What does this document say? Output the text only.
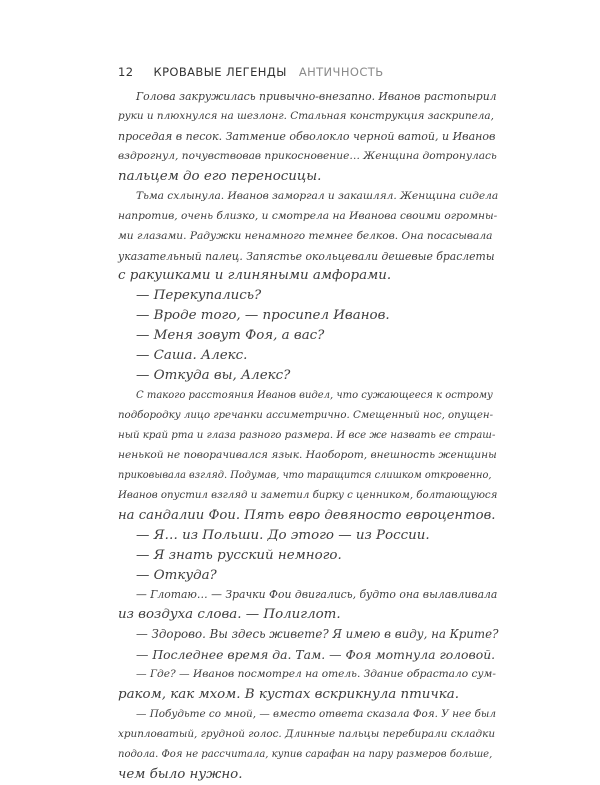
12 КРОВАВЫЕ ЛЕГЕНДЫ АНТИЧНОСТЬ
Голова закружилась привычно-внезапно. Иванов растопырил
руки и плюхнулся на шезлонг. Стальная конструкция заскрипела,
проседая в песок. Затмение обволокло черной ватой, и Иванов
вздрогнул, почувствовав прикосновение… Женщина дотронулась
пальцем до его переносицы.
Тьма схлынула. Иванов заморгал и закашлял. Женщина сидела
напротив, очень близко, и смотрела на Иванова своими огромны-
ми глазами. Радужки ненамного темнее белков. Она посасывала
указательный палец. Запястье окольцевали дешевые браслеты
с ракушками и глиняными амфорами.
— Перекупались?
— Вроде того, — просипел Иванов.
— Меня зовут Фоя, а вас?
— Саша. Алекс.
— Откуда вы, Алекс?
С такого расстояния Иванов видел, что сужающееся к острому
подбородку лицо гречанки ассиметрично. Смещенный нос, опущен-
ный край рта и глаза разного размера. И все же назвать ее страш-
ненькой не поворачивался язык. Наоборот, внешность женщины
приковывала взгляд. Подумав, что таращится слишком откровенно,
Иванов опустил взгляд и заметил бирку с ценником, болтающуюся
на сандалии Фои. Пять евро девяносто евроцентов.
— Я… из Польши. До этого — из России.
— Я знать русский немного.
— Откуда?
— Глотаю… — Зрачки Фои двигались, будто она вылавливала
из воздуха слова. — Полиглот.
— Здорово. Вы здесь живете? Я имею в виду, на Крите?
— Последнее время да. Там. — Фоя мотнула головой.
— Где? — Иванов посмотрел на отель. Здание обрастало сум-
раком, как мхом. В кустах вскрикнула птичка.
— Побудьте со мной, — вместо ответа сказала Фоя. У нее был
хрипловатый, грудной голос. Длинные пальцы перебирали складки
подола. Фоя не рассчитала, купив сарафан на пару размеров больше,
чем было нужно.
